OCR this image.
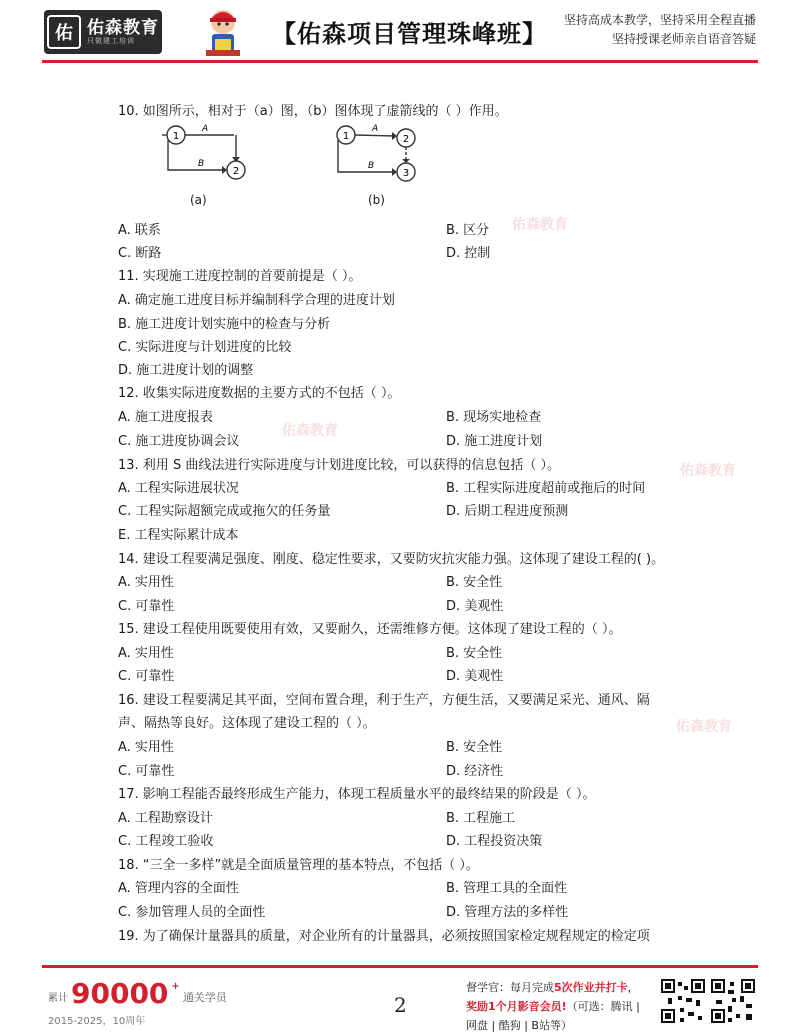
佑 佑森教育
只做建工培训	【佑森项目管理珠峰班】 坚持高成本教学，坚持采用全程直播
坚持授课老师亲自语音答疑
佑森教育
佑森教育
佑森教育
佑森教育
10. 如图所示，相对于（a）图，（b）图体现了虚箭线的（ ）作用。
1
2
A
B
1	2
3
A
B
(a)	(b)
A. 联系	B. 区分
C. 断路	D. 控制
11. 实现施工进度控制的首要前提是（ ）。
A. 确定施工进度目标并编制科学合理的进度计划
B. 施工进度计划实施中的检查与分析
C. 实际进度与计划进度的比较
D. 施工进度计划的调整
12. 收集实际进度数据的主要方式的不包括（ ）。
A. 施工进度报表	B. 现场实地检查
C. 施工进度协调会议	D. 施工进度计划
13. 利用 S 曲线法进行实际进度与计划进度比较，可以获得的信息包括（ ）。
A. 工程实际进展状况	B. 工程实际进度超前或拖后的时间
C. 工程实际超额完成或拖欠的任务量	D. 后期工程进度预测
E. 工程实际累计成本
14. 建设工程要满足强度、刚度、稳定性要求，又要防灾抗灾能力强。这体现了建设工程的( )。
A. 实用性	B. 安全性
C. 可靠性	D. 美观性
15. 建设工程使用既要使用有效，又要耐久，还需维修方便。这体现了建设工程的（ ）。
A. 实用性	B. 安全性
C. 可靠性	D. 美观性
16. 建设工程要满足其平面，空间布置合理，利于生产，方便生活，又要满足采光、通风、隔
声、隔热等良好。这体现了建设工程的（ ）。
A. 实用性	B. 安全性
C. 可靠性	D. 经济性
17. 影响工程能否最终形成生产能力，体现工程质量水平的最终结果的阶段是（ ）。
A. 工程勘察设计	B. 工程施工
C. 工程竣工验收	D. 工程投资决策
18. “三全一多样”就是全面质量管理的基本特点，不包括（ ）。
A. 管理内容的全面性	B. 管理工具的全面性
C. 参加管理人员的全面性	D. 管理方法的多样性
19. 为了确保计量器具的质量，对企业所有的计量器具，必须按照国家检定规程规定的检定项
累计 90000 +
通关学员
2015-2025，10周年
2
督学官：每月完成5次作业并打卡，
奖励1个月影音会员!（可选：腾讯 |
网盘 | 酷狗 | B站等）
